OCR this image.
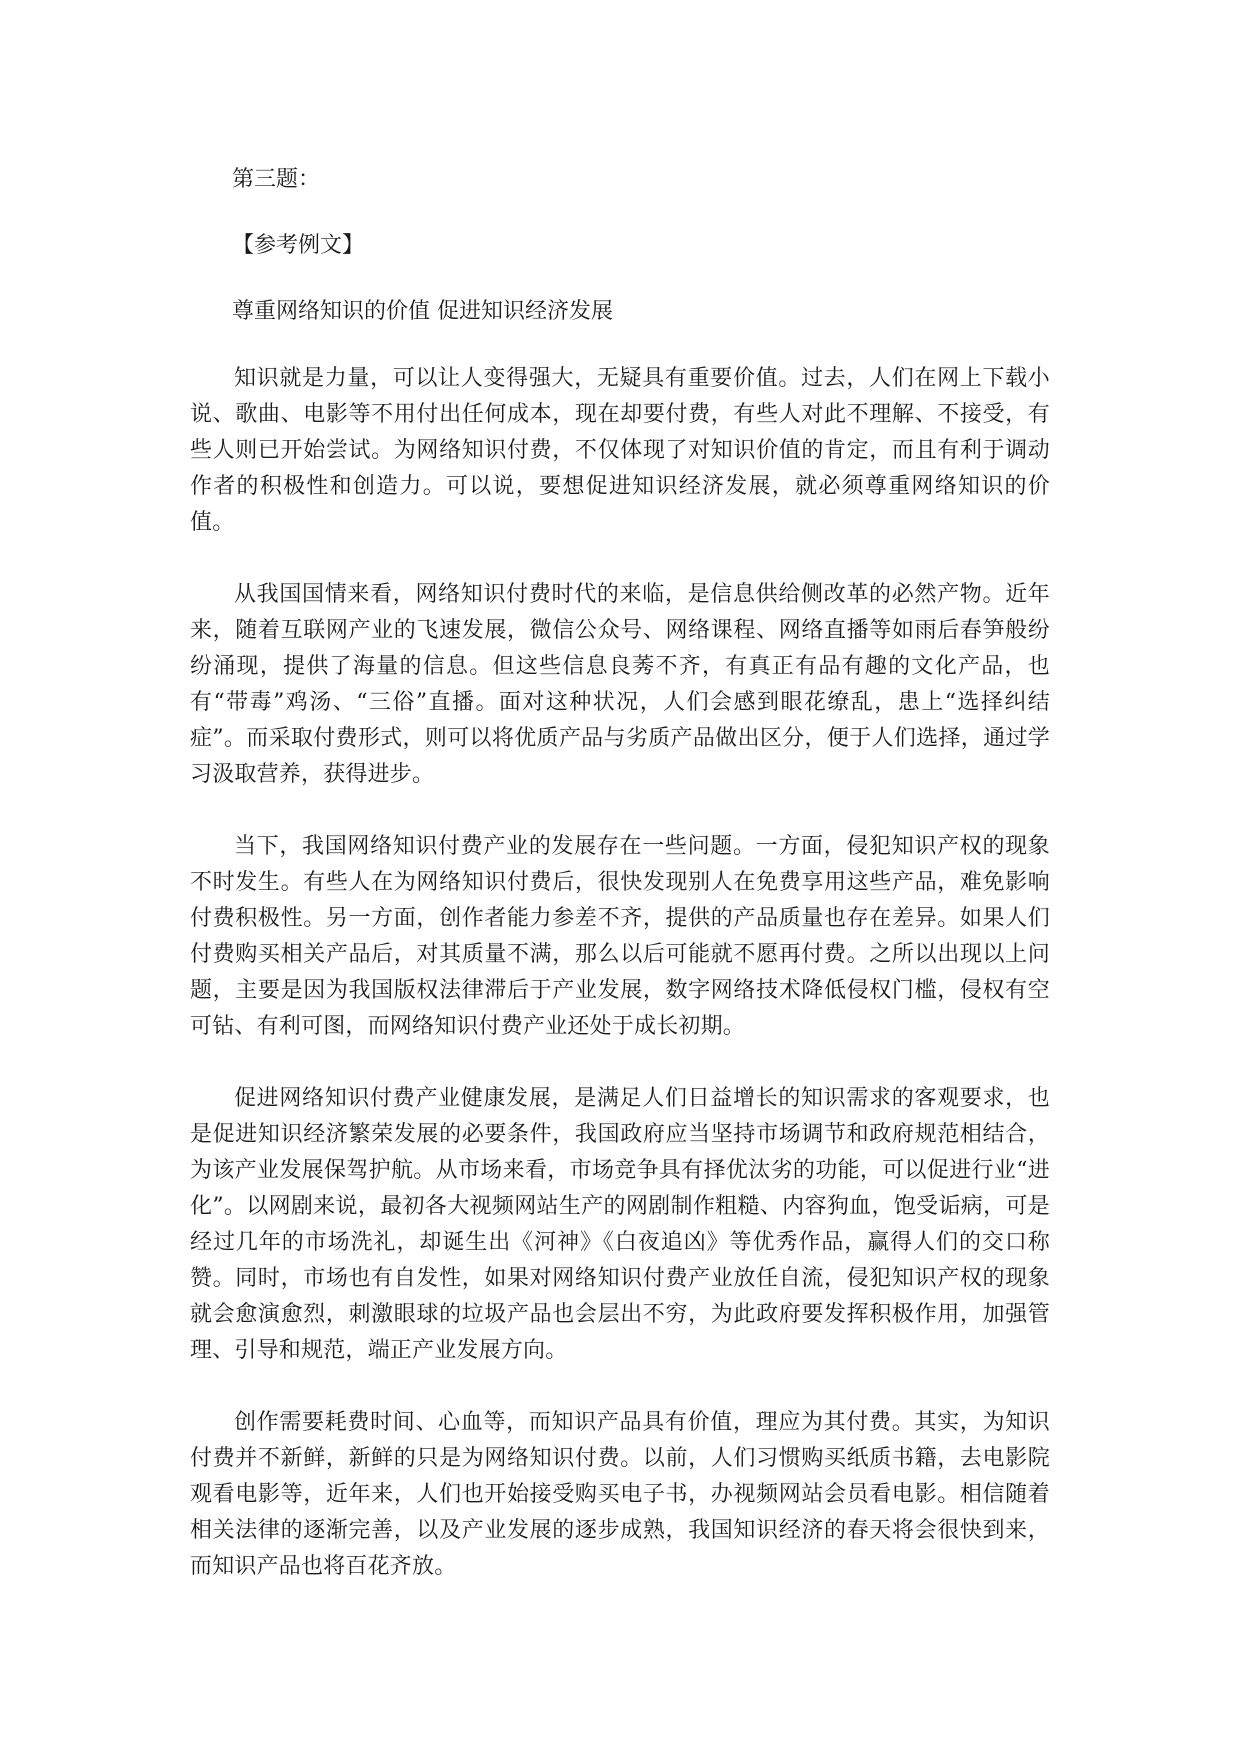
第三题：

【参考例文】

尊重网络知识的价值 促进知识经济发展

知识就是力量，可以让人变得强大，无疑具有重要价值。过去，人们在网上下载小说、歌曲、电影等不用付出任何成本，现在却要付费，有些人对此不理解、不接受，有些人则已开始尝试。为网络知识付费，不仅体现了对知识价值的肯定，而且有利于调动作者的积极性和创造力。可以说，要想促进知识经济发展，就必须尊重网络知识的价值。

从我国国情来看，网络知识付费时代的来临，是信息供给侧改革的必然产物。近年来，随着互联网产业的飞速发展，微信公众号、网络课程、网络直播等如雨后春笋般纷纷涌现，提供了海量的信息。但这些信息良莠不齐，有真正有品有趣的文化产品，也有“带毒”鸡汤、“三俗”直播。面对这种状况，人们会感到眼花缭乱，患上“选择纠结症”。而采取付费形式，则可以将优质产品与劣质产品做出区分，便于人们选择，通过学习汲取营养，获得进步。

当下，我国网络知识付费产业的发展存在一些问题。一方面，侵犯知识产权的现象不时发生。有些人在为网络知识付费后，很快发现别人在免费享用这些产品，难免影响付费积极性。另一方面，创作者能力参差不齐，提供的产品质量也存在差异。如果人们付费购买相关产品后，对其质量不满，那么以后可能就不愿再付费。之所以出现以上问题，主要是因为我国版权法律滞后于产业发展，数字网络技术降低侵权门槛，侵权有空可钻、有利可图，而网络知识付费产业还处于成长初期。

促进网络知识付费产业健康发展，是满足人们日益增长的知识需求的客观要求，也是促进知识经济繁荣发展的必要条件，我国政府应当坚持市场调节和政府规范相结合，为该产业发展保驾护航。从市场来看，市场竞争具有择优汰劣的功能，可以促进行业“进化”。以网剧来说，最初各大视频网站生产的网剧制作粗糙、内容狗血，饱受诟病，可是经过几年的市场洗礼，却诞生出《河神》《白夜追凶》等优秀作品，赢得人们的交口称赞。同时，市场也有自发性，如果对网络知识付费产业放任自流，侵犯知识产权的现象就会愈演愈烈，刺激眼球的垃圾产品也会层出不穷，为此政府要发挥积极作用，加强管理、引导和规范，端正产业发展方向。

创作需要耗费时间、心血等，而知识产品具有价值，理应为其付费。其实，为知识付费并不新鲜，新鲜的只是为网络知识付费。以前，人们习惯购买纸质书籍，去电影院观看电影等，近年来，人们也开始接受购买电子书，办视频网站会员看电影。相信随着相关法律的逐渐完善，以及产业发展的逐步成熟，我国知识经济的春天将会很快到来，而知识产品也将百花齐放。
